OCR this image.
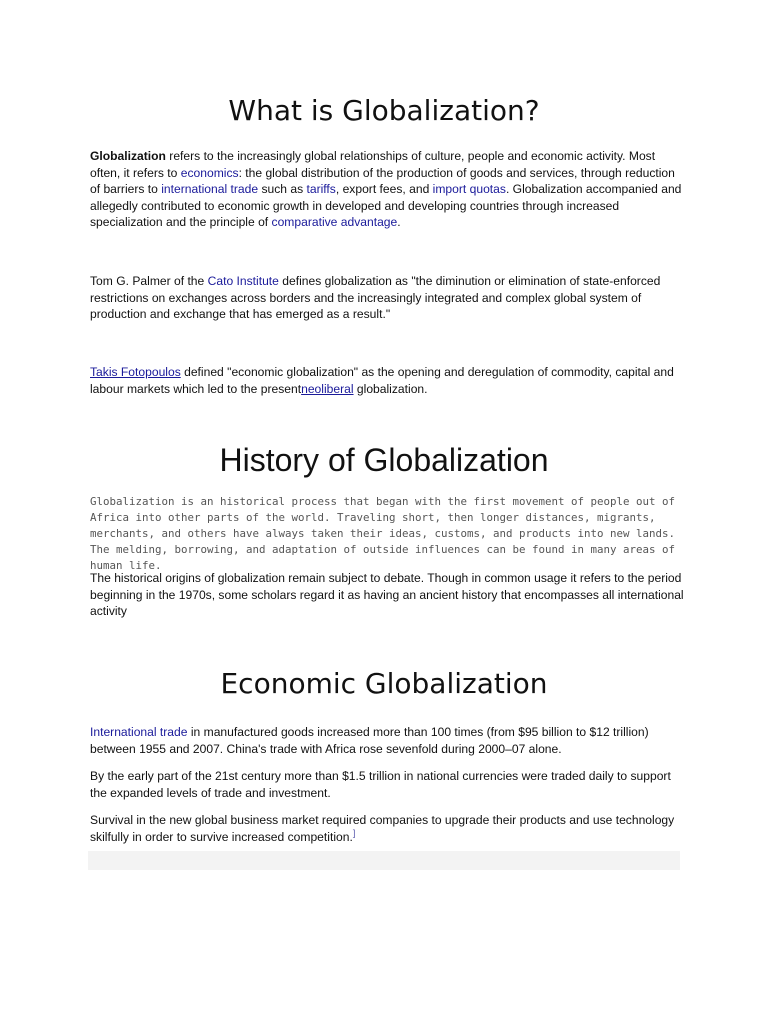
What is Globalization?

Globalization refers to the increasingly global relationships of culture, people and economic activity. Most often, it refers to economics: the global distribution of the production of goods and services, through reduction of barriers to international trade such as tariffs, export fees, and import quotas. Globalization accompanied and allegedly contributed to economic growth in developed and developing countries through increased specialization and the principle of comparative advantage.

Tom G. Palmer of the Cato Institute defines globalization as "the diminution or elimination of state-enforced restrictions on exchanges across borders and the increasingly integrated and complex global system of production and exchange that has emerged as a result."

Takis Fotopoulos defined "economic globalization" as the opening and deregulation of commodity, capital and labour markets which led to the presentneoliberal globalization.

History of Globalization

Globalization is an historical process that began with the first movement of people out of Africa into other parts of the world. Traveling short, then longer distances, migrants, merchants, and others have always taken their ideas, customs, and products into new lands. The melding, borrowing, and adaptation of outside influences can be found in many areas of human life.

The historical origins of globalization remain subject to debate. Though in common usage it refers to the period beginning in the 1970s, some scholars regard it as having an ancient history that encompasses all international activity

Economic Globalization

International trade in manufactured goods increased more than 100 times (from $95 billion to $12 trillion) between 1955 and 2007. China's trade with Africa rose sevenfold during 2000–07 alone.

By the early part of the 21st century more than $1.5 trillion in national currencies were traded daily to support the expanded levels of trade and investment.

Survival in the new global business market required companies to upgrade their products and use technology skilfully in order to survive increased competition.]
